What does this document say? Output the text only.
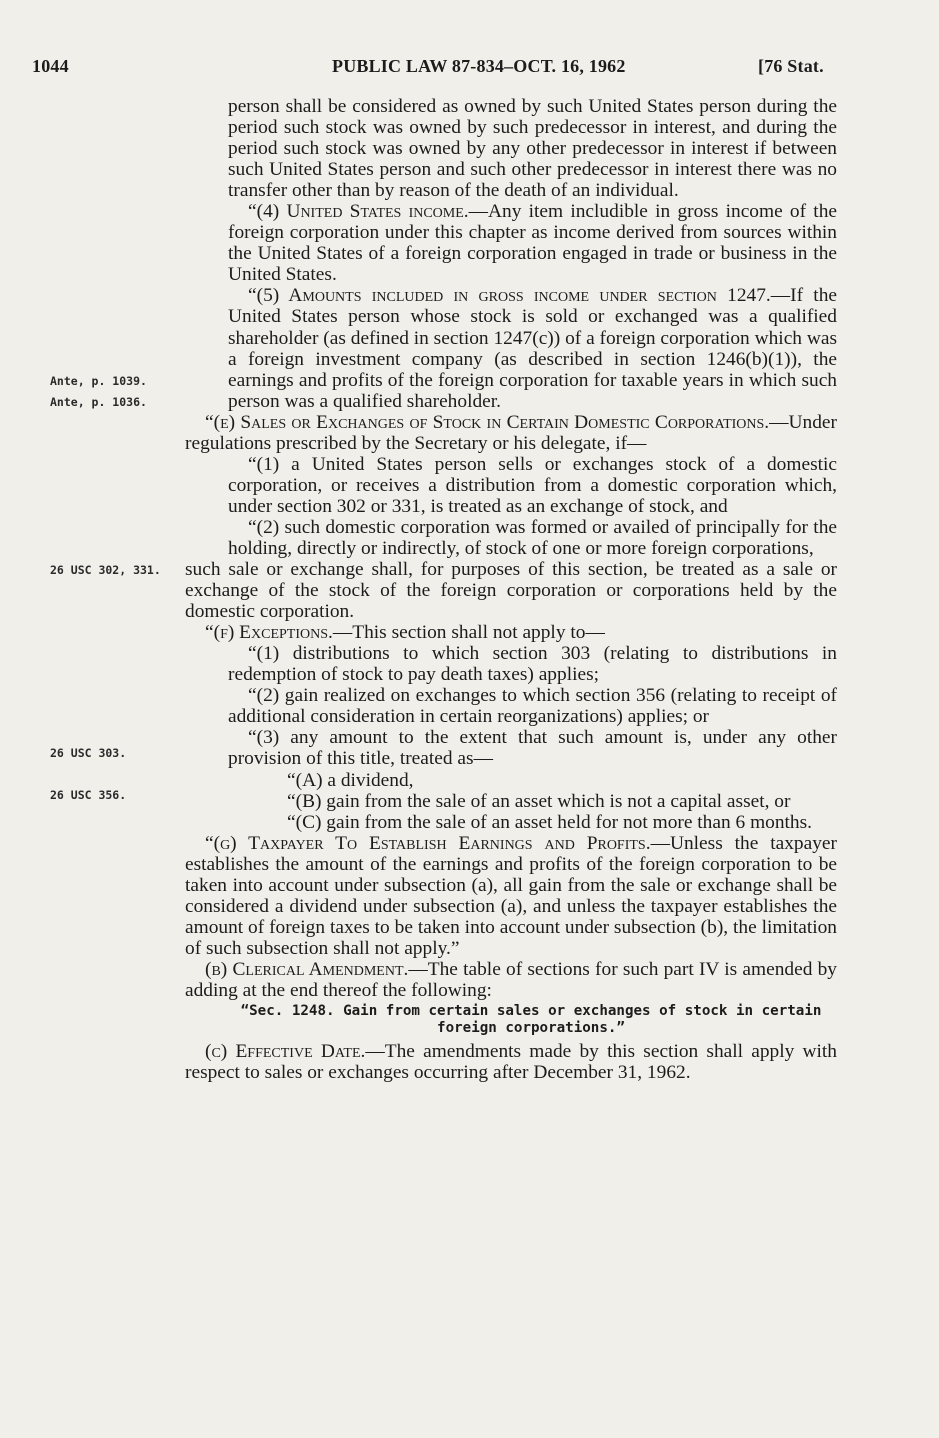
1044	PUBLIC LAW 87-834–OCT. 16, 1962	[76 Stat.
Ante, p. 1039.
Ante, p. 1036.
26 USC 302, 331.
26 USC 303.
26 USC 356.

person shall be considered as owned by such United States person during the period such stock was owned by such predecessor in interest, and during the period such stock was owned by any other predecessor in interest if between such United States person and such other predecessor in interest there was no transfer other than by reason of the death of an individual.

“(4) United States income.—Any item includible in gross income of the foreign corporation under this chapter as income derived from sources within the United States of a foreign corporation engaged in trade or business in the United States.

“(5) Amounts included in gross income under section 1247.—If the United States person whose stock is sold or exchanged was a qualified shareholder (as defined in section 1247(c)) of a foreign corporation which was a foreign investment company (as described in section 1246(b)(1)), the earnings and profits of the foreign corporation for taxable years in which such person was a qualified shareholder.

“(e) Sales or Exchanges of Stock in Certain Domestic Corporations.—Under regulations prescribed by the Secretary or his delegate, if—

“(1) a United States person sells or exchanges stock of a domestic corporation, or receives a distribution from a domestic corporation which, under section 302 or 331, is treated as an exchange of stock, and

“(2) such domestic corporation was formed or availed of principally for the holding, directly or indirectly, of stock of one or more foreign corporations,

such sale or exchange shall, for purposes of this section, be treated as a sale or exchange of the stock of the foreign corporation or corporations held by the domestic corporation.

“(f) Exceptions.—This section shall not apply to—

“(1) distributions to which section 303 (relating to distributions in redemption of stock to pay death taxes) applies;

“(2) gain realized on exchanges to which section 356 (relating to receipt of additional consideration in certain reorganizations) applies; or

“(3) any amount to the extent that such amount is, under any other provision of this title, treated as—

“(A) a dividend,

“(B) gain from the sale of an asset which is not a capital asset, or

“(C) gain from the sale of an asset held for not more than 6 months.

“(g) Taxpayer To Establish Earnings and Profits.—Unless the taxpayer establishes the amount of the earnings and profits of the foreign corporation to be taken into account under subsection (a), all gain from the sale or exchange shall be considered a dividend under subsection (a), and unless the taxpayer establishes the amount of foreign taxes to be taken into account under subsection (b), the limitation of such subsection shall not apply.”

(b) Clerical Amendment.—The table of sections for such part IV is amended by adding at the end thereof the following:

“Sec. 1248. Gain from certain sales or exchanges of stock in certain foreign corporations.”

(c) Effective Date.—The amendments made by this section shall apply with respect to sales or exchanges occurring after December 31, 1962.
